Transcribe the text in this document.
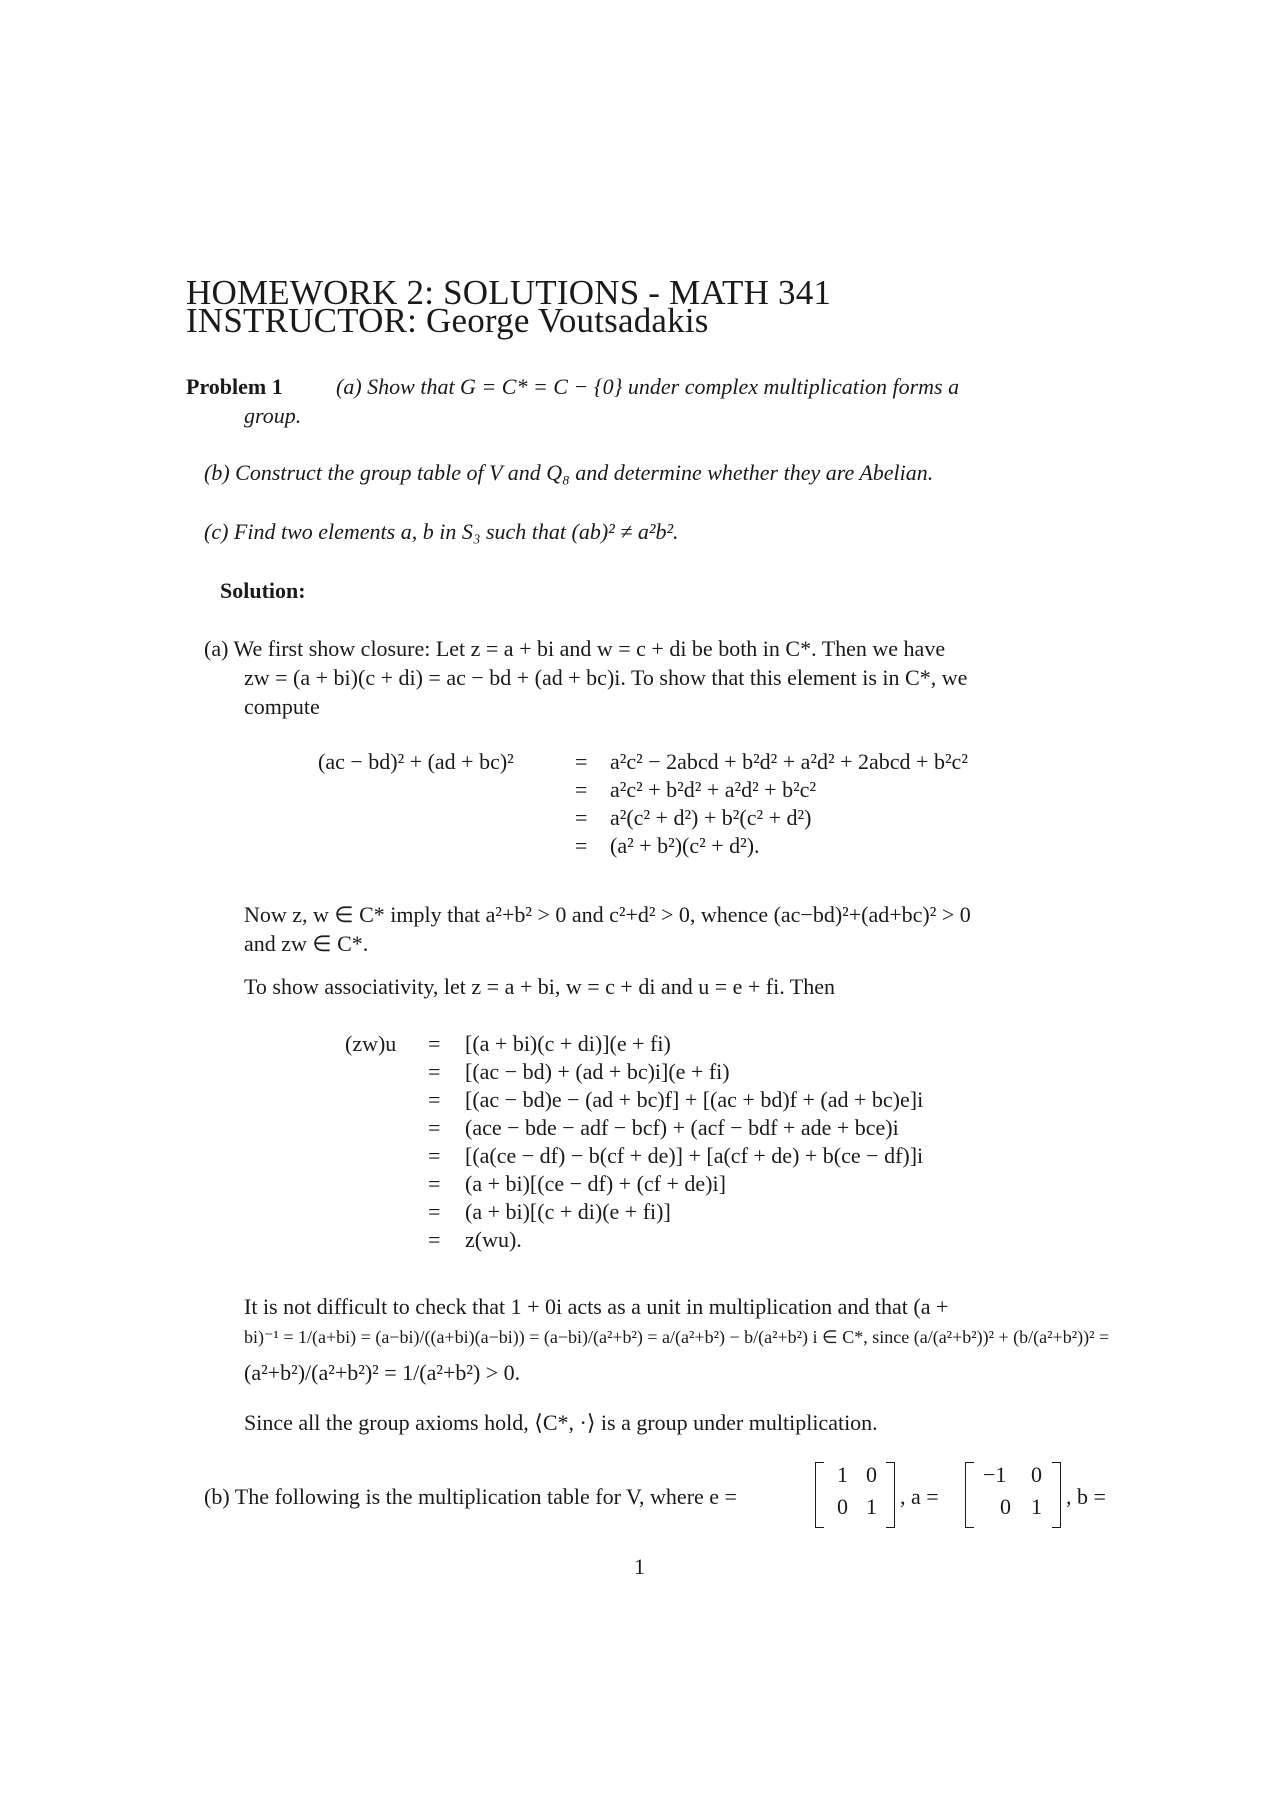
HOMEWORK 2: SOLUTIONS - MATH 341
INSTRUCTOR: George Voutsadakis
Problem 1 (a) Show that G = C* = C − {0} under complex multiplication forms a
group.
(b) Construct the group table of V and Q₈ and determine whether they are Abelian.
(c) Find two elements a, b in S₃ such that (ab)² ≠ a²b².
Solution:
(a) We first show closure: Let z = a + bi and w = c + di be both in C*. Then we have
zw = (a + bi)(c + di) = ac − bd + (ad + bc)i. To show that this element is in C*, we
compute
(ac − bd)² + (ad + bc)²	=
=
=
=
a²c² − 2abcd + b²d² + a²d² + 2abcd + b²c²
a²c² + b²d² + a²d² + b²c²
a²(c² + d²) + b²(c² + d²)
(a² + b²)(c² + d²).
Now z, w ∈ C* imply that a²+b² > 0 and c²+d² > 0, whence (ac−bd)²+(ad+bc)² > 0
and zw ∈ C*.
To show associativity, let z = a + bi, w = c + di and u = e + fi. Then
(zw)u =
=
=
=
=
=
=
=
[(a + bi)(c + di)](e + fi)
[(ac − bd) + (ad + bc)i](e + fi)
[(ac − bd)e − (ad + bc)f] + [(ac + bd)f + (ad + bc)e]i
(ace − bde − adf − bcf) + (acf − bdf + ade + bce)i
[(a(ce − df) − b(cf + de)] + [a(cf + de) + b(ce − df)]i
(a + bi)[(ce − df) + (cf + de)i]
(a + bi)[(c + di)(e + fi)]
z(wu).
It is not difficult to check that 1 + 0i acts as a unit in multiplication and that (a +
bi)⁻¹ = 1/(a+bi) = (a−bi)/((a+bi)(a−bi)) = (a−bi)/(a²+b²) = a/(a²+b²) − b/(a²+b²) i ∈ C*, since (a/(a²+b²))² + (b/(a²+b²))² =
(a²+b²)/(a²+b²)² = 1/(a²+b²) > 0.
Since all the group axioms hold, ⟨C*, ·⟩ is a group under multiplication.
(b) The following is the multiplication table for V, where e =
1 0
0 1 , a =
−1 0
0 1 , b =
1
